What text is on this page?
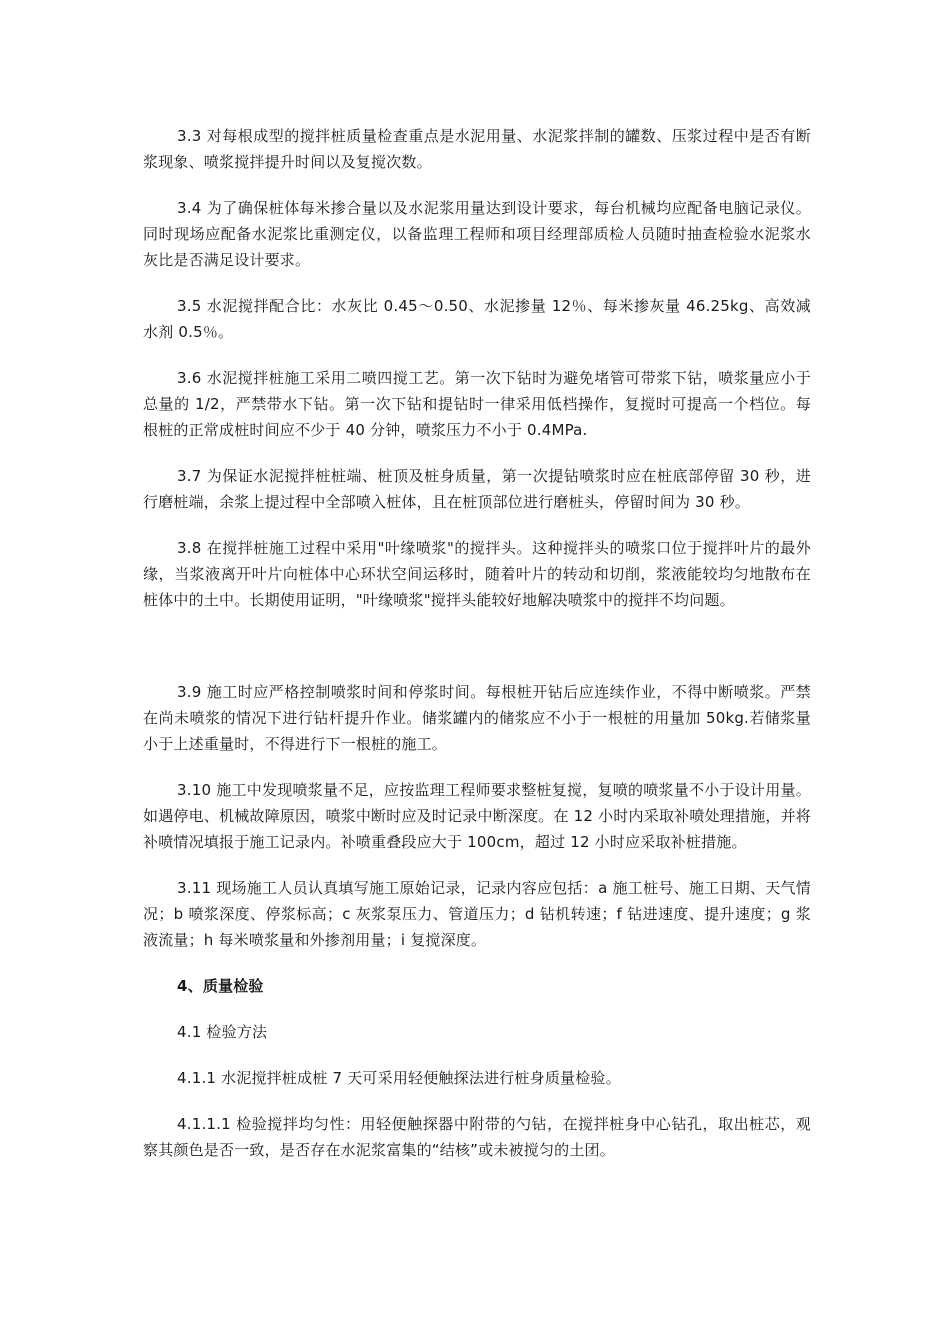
3.3 对每根成型的搅拌桩质量检查重点是水泥用量、水泥浆拌制的罐数、压浆过程中是否有断浆现象、喷浆搅拌提升时间以及复搅次数。

3.4 为了确保桩体每米掺合量以及水泥浆用量达到设计要求，每台机械均应配备电脑记录仪。同时现场应配备水泥浆比重测定仪，以备监理工程师和项目经理部质检人员随时抽查检验水泥浆水灰比是否满足设计要求。

3.5 水泥搅拌配合比：水灰比 0.45～0.50、水泥掺量 12％、每米掺灰量 46.25kg、高效减水剂 0.5％。

3.6 水泥搅拌桩施工采用二喷四搅工艺。第一次下钻时为避免堵管可带浆下钻，喷浆量应小于总量的 1/2，严禁带水下钻。第一次下钻和提钻时一律采用低档操作，复搅时可提高一个档位。每根桩的正常成桩时间应不少于 40 分钟，喷浆压力不小于 0.4MPa.

3.7 为保证水泥搅拌桩桩端、桩顶及桩身质量，第一次提钻喷浆时应在桩底部停留 30 秒，进行磨桩端，余浆上提过程中全部喷入桩体，且在桩顶部位进行磨桩头，停留时间为 30 秒。

3.8 在搅拌桩施工过程中采用"叶缘喷浆"的搅拌头。这种搅拌头的喷浆口位于搅拌叶片的最外缘，当浆液离开叶片向桩体中心环状空间运移时，随着叶片的转动和切削，浆液能较均匀地散布在桩体中的土中。长期使用证明，"叶缘喷浆"搅拌头能较好地解决喷浆中的搅拌不均问题。

3.9 施工时应严格控制喷浆时间和停浆时间。每根桩开钻后应连续作业，不得中断喷浆。严禁在尚未喷浆的情况下进行钻杆提升作业。储浆罐内的储浆应不小于一根桩的用量加 50kg.若储浆量小于上述重量时，不得进行下一根桩的施工。

3.10 施工中发现喷浆量不足，应按监理工程师要求整桩复搅，复喷的喷浆量不小于设计用量。如遇停电、机械故障原因，喷浆中断时应及时记录中断深度。在 12 小时内采取补喷处理措施，并将补喷情况填报于施工记录内。补喷重叠段应大于 100cm，超过 12 小时应采取补桩措施。

3.11 现场施工人员认真填写施工原始记录，记录内容应包括：a 施工桩号、施工日期、天气情况；b 喷浆深度、停浆标高；c 灰浆泵压力、管道压力；d 钻机转速；f 钻进速度、提升速度；g 浆液流量；h 每米喷浆量和外掺剂用量；i 复搅深度。

4、质量检验

4.1 检验方法

4.1.1 水泥搅拌桩成桩 7 天可采用轻便触探法进行桩身质量检验。

4.1.1.1 检验搅拌均匀性：用轻便触探器中附带的勺钻，在搅拌桩身中心钻孔，取出桩芯，观察其颜色是否一致，是否存在水泥浆富集的“结核”或未被搅匀的土团。
